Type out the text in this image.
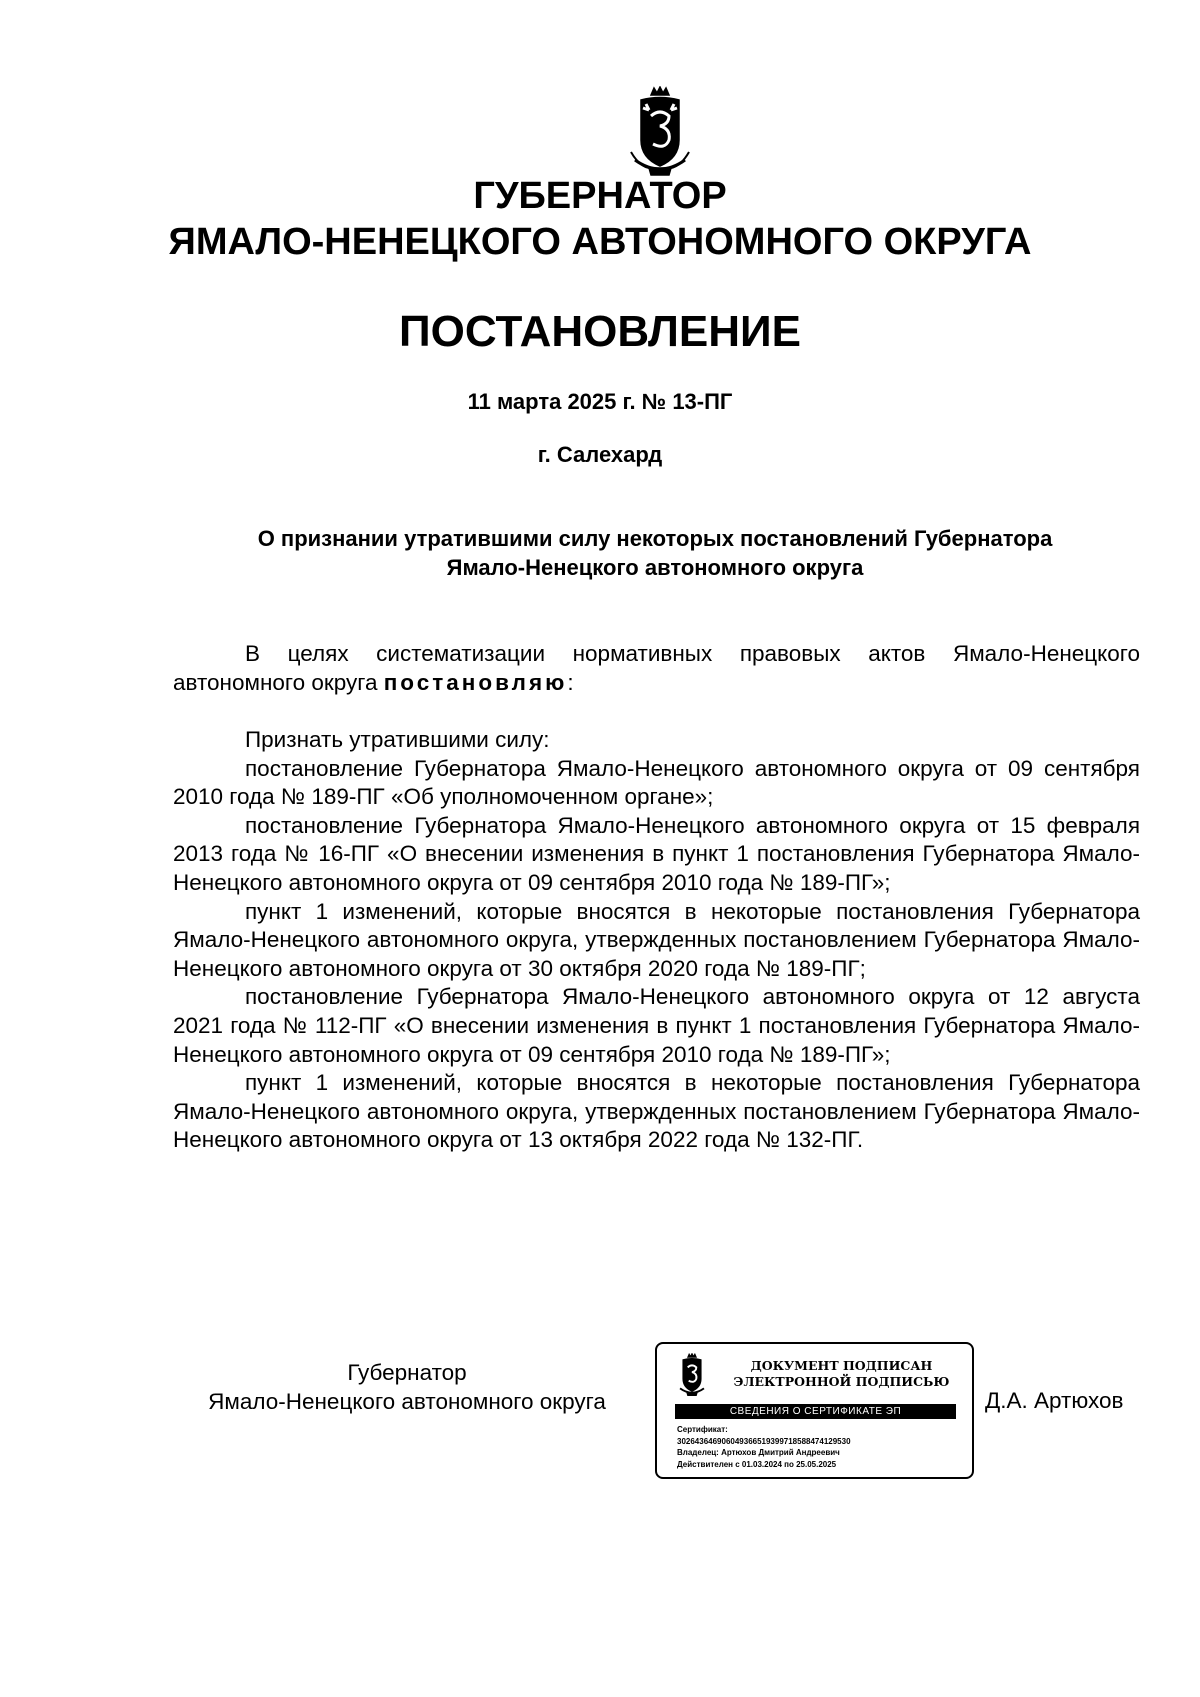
ГУБЕРНАТОР
ЯМАЛО-НЕНЕЦКОГО АВТОНОМНОГО ОКРУГА
ПОСТАНОВЛЕНИЕ
11 марта 2025 г. № 13-ПГ
г. Салехард
О признании утратившими силу некоторых постановлений Губернатора
Ямало-Ненецкого автономного округа

В целях систематизации нормативных правовых актов Ямало-Ненецкого автономного округа постановляю:

Признать утратившими силу:

постановление Губернатора Ямало-Ненецкого автономного округа от 09 сентября 2010 года № 189-ПГ «Об уполномоченном органе»;

постановление Губернатора Ямало-Ненецкого автономного округа от 15 февраля 2013 года № 16-ПГ «О внесении изменения в пункт 1 постановления Губернатора Ямало-Ненецкого автономного округа от 09 сентября 2010 года № 189-ПГ»;

пункт 1 изменений, которые вносятся в некоторые постановления Губернатора Ямало-Ненецкого автономного округа, утвержденных постановлением Губернатора Ямало-Ненецкого автономного округа от 30 октября 2020 года № 189-ПГ;

постановление Губернатора Ямало-Ненецкого автономного округа от 12 августа 2021 года № 112-ПГ «О внесении изменения в пункт 1 постановления Губернатора Ямало-Ненецкого автономного округа от 09 сентября 2010 года № 189-ПГ»;

пункт 1 изменений, которые вносятся в некоторые постановления Губернатора Ямало-Ненецкого автономного округа, утвержденных постановлением Губернатора Ямало-Ненецкого автономного округа от 13 октября 2022 года № 132-ПГ.

Губернатор
Ямало-Ненецкого автономного округа
ДОКУМЕНТ ПОДПИСАН
ЭЛЕКТРОННОЙ ПОДПИСЬЮ
СВЕДЕНИЯ О СЕРТИФИКАТЕ ЭП
Сертификат:
302643646906049366519399718588474129530
Владелец: Артюхов Дмитрий Андреевич
Действителен с 01.03.2024 по 25.05.2025
Д.А. Артюхов
